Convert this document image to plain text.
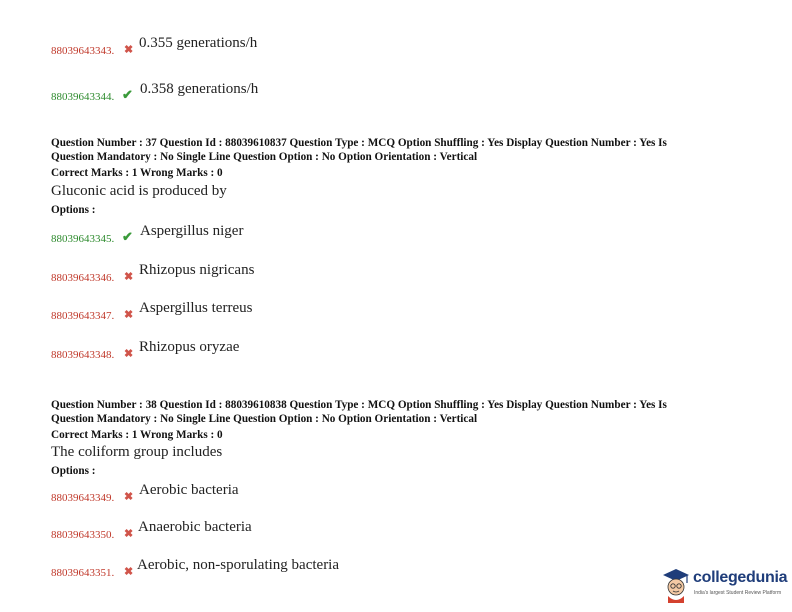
88039643343. ✖ 0.355 generations/h
88039643344. ✔ 0.358 generations/h
Question Number : 37 Question Id : 88039610837 Question Type : MCQ Option Shuffling : Yes Display Question Number : Yes Is
Question Mandatory : No Single Line Question Option : No Option Orientation : Vertical
Correct Marks : 1 Wrong Marks : 0
Gluconic acid is produced by
Options :
88039643345. ✔ Aspergillus niger
88039643346. ✖ Rhizopus nigricans
88039643347. ✖ Aspergillus terreus
88039643348. ✖ Rhizopus oryzae
Question Number : 38 Question Id : 88039610838 Question Type : MCQ Option Shuffling : Yes Display Question Number : Yes Is
Question Mandatory : No Single Line Question Option : No Option Orientation : Vertical
Correct Marks : 1 Wrong Marks : 0
The coliform group includes
Options :
88039643349. ✖ Aerobic bacteria
88039643350. ✖ Anaerobic bacteria
88039643351. ✖ Aerobic, non-sporulating bacteria
collegedunia
India's largest Student Review Platform
